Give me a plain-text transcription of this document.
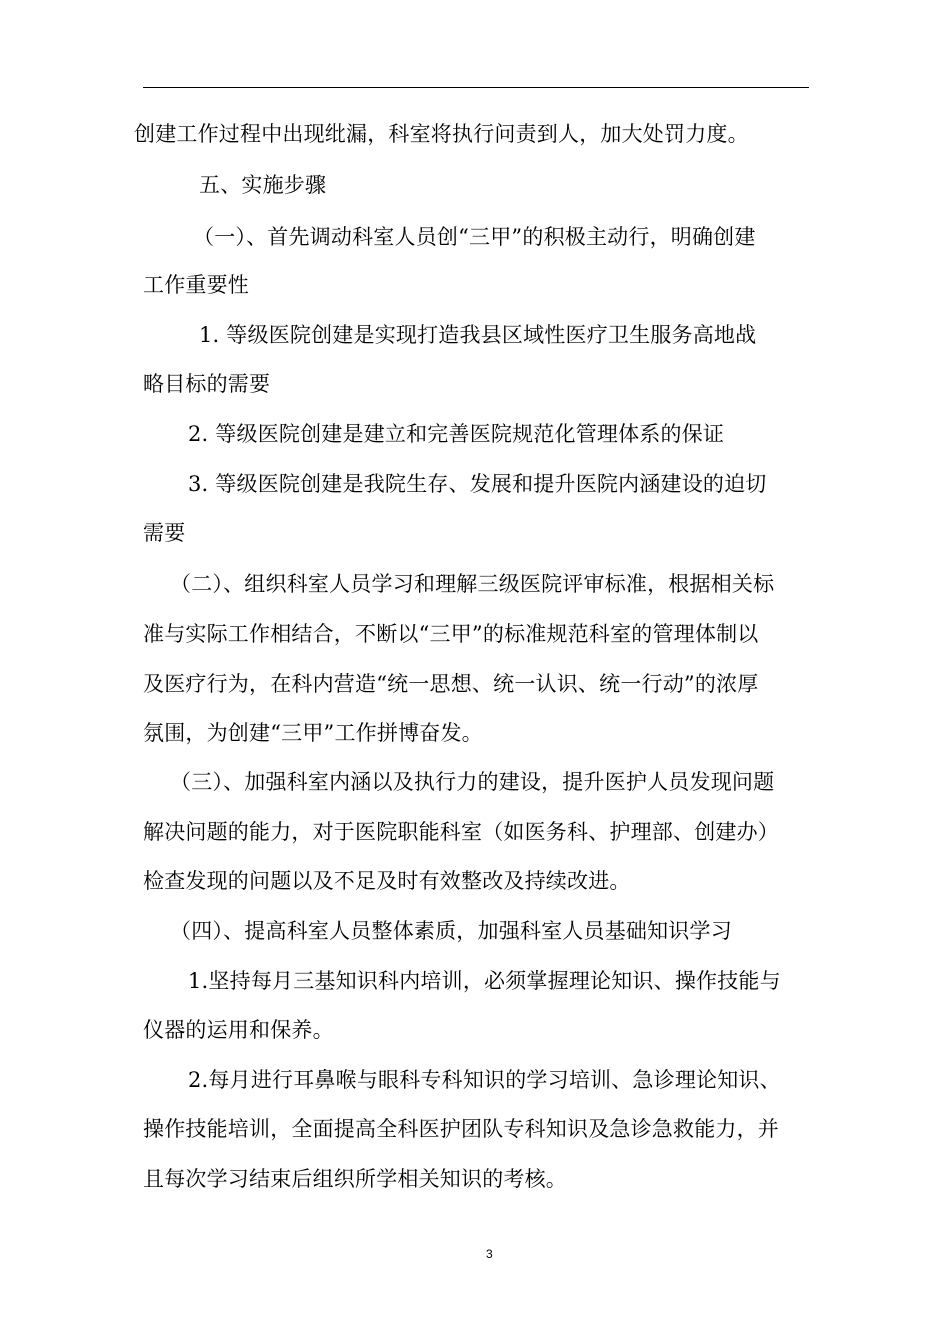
创建工作过程中出现纰漏，科室将执行问责到人，加大处罚力度。
五、实施步骤
（一）、首先调动科室人员创“三甲”的积极主动行，明确创建
工作重要性
1. 等级医院创建是实现打造我县区域性医疗卫生服务高地战
略目标的需要
2. 等级医院创建是建立和完善医院规范化管理体系的保证
3. 等级医院创建是我院生存、发展和提升医院内涵建设的迫切
需要
（二）、组织科室人员学习和理解三级医院评审标准，根据相关标
准与实际工作相结合，不断以“三甲”的标准规范科室的管理体制以
及医疗行为，在科内营造“统一思想、统一认识、统一行动”的浓厚
氛围，为创建“三甲”工作拼博奋发。
（三）、加强科室内涵以及执行力的建设，提升医护人员发现问题
解决问题的能力，对于医院职能科室（如医务科、护理部、创建办）
检查发现的问题以及不足及时有效整改及持续改进。
（四）、提高科室人员整体素质，加强科室人员基础知识学习
1.坚持每月三基知识科内培训，必须掌握理论知识、操作技能与
仪器的运用和保养。
2.每月进行耳鼻喉与眼科专科知识的学习培训、急诊理论知识、
操作技能培训，全面提高全科医护团队专科知识及急诊急救能力，并
且每次学习结束后组织所学相关知识的考核。
3
